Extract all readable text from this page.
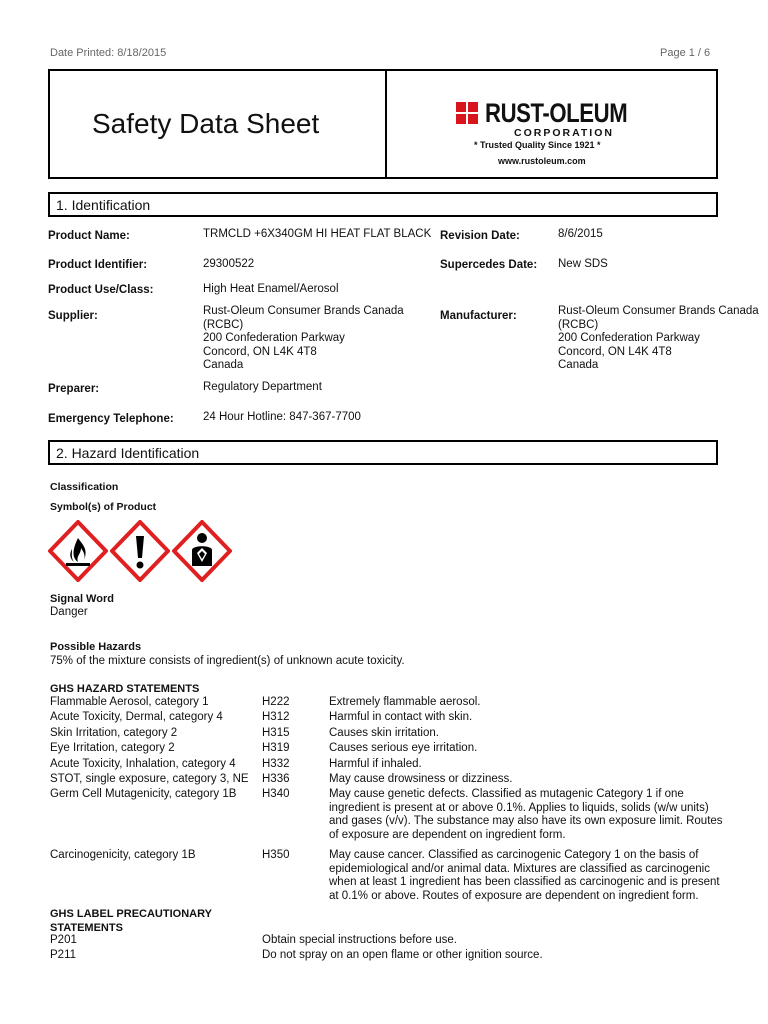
Date Printed: 8/18/2015	Page 1 / 6
Safety Data Sheet	RUST-OLEUM
CORPORATION
* Trusted Quality Since 1921 *
www.rustoleum.com
1. Identification
Product Name:	TRMCLD +6X340GM HI HEAT FLAT BLACK Revision Date:	8/6/2015
Product Identifier:	29300522	Supercedes Date: New SDS
Product Use/Class:	High Heat Enamel/Aerosol
Supplier:	Rust-Oleum Consumer Brands Canada
(RCBC)
200 Confederation Parkway
Concord, ON L4K 4T8
Canada
Manufacturer:	Rust-Oleum Consumer Brands Canada
(RCBC)
200 Confederation Parkway
Concord, ON L4K 4T8
Canada
Preparer:	Regulatory Department
Emergency Telephone:	24 Hour Hotline: 847-367-7700
2. Hazard Identification
Classification
Symbol(s) of Product
Signal Word
Danger
Possible Hazards
75% of the mixture consists of ingredient(s) of unknown acute toxicity.
GHS HAZARD STATEMENTS
Flammable Aerosol, category 1	H222	Extremely flammable aerosol.
Acute Toxicity, Dermal, category 4	H312	Harmful in contact with skin.
Skin Irritation, category 2	H315	Causes skin irritation.
Eye Irritation, category 2	H319	Causes serious eye irritation.
Acute Toxicity, Inhalation, category 4 H332	Harmful if inhaled.
STOT, single exposure, category 3, NE H336	May cause drowsiness or dizziness.
Germ Cell Mutagenicity, category 1B H340	May cause genetic defects. Classified as mutagenic Category 1 if one
ingredient is present at or above 0.1%. Applies to liquids, solids (w/w units)
and gases (v/v). The substance may also have its own exposure limit. Routes
of exposure are dependent on ingredient form.
Carcinogenicity, category 1B	H350	May cause cancer. Classified as carcinogenic Category 1 on the basis of
epidemiological and/or animal data. Mixtures are classified as carcinogenic
when at least 1 ingredient has been classified as carcinogenic and is present
at 0.1% or above. Routes of exposure are dependent on ingredient form.
GHS LABEL PRECAUTIONARY
STATEMENTS
P201	Obtain special instructions before use.
P211	Do not spray on an open flame or other ignition source.
